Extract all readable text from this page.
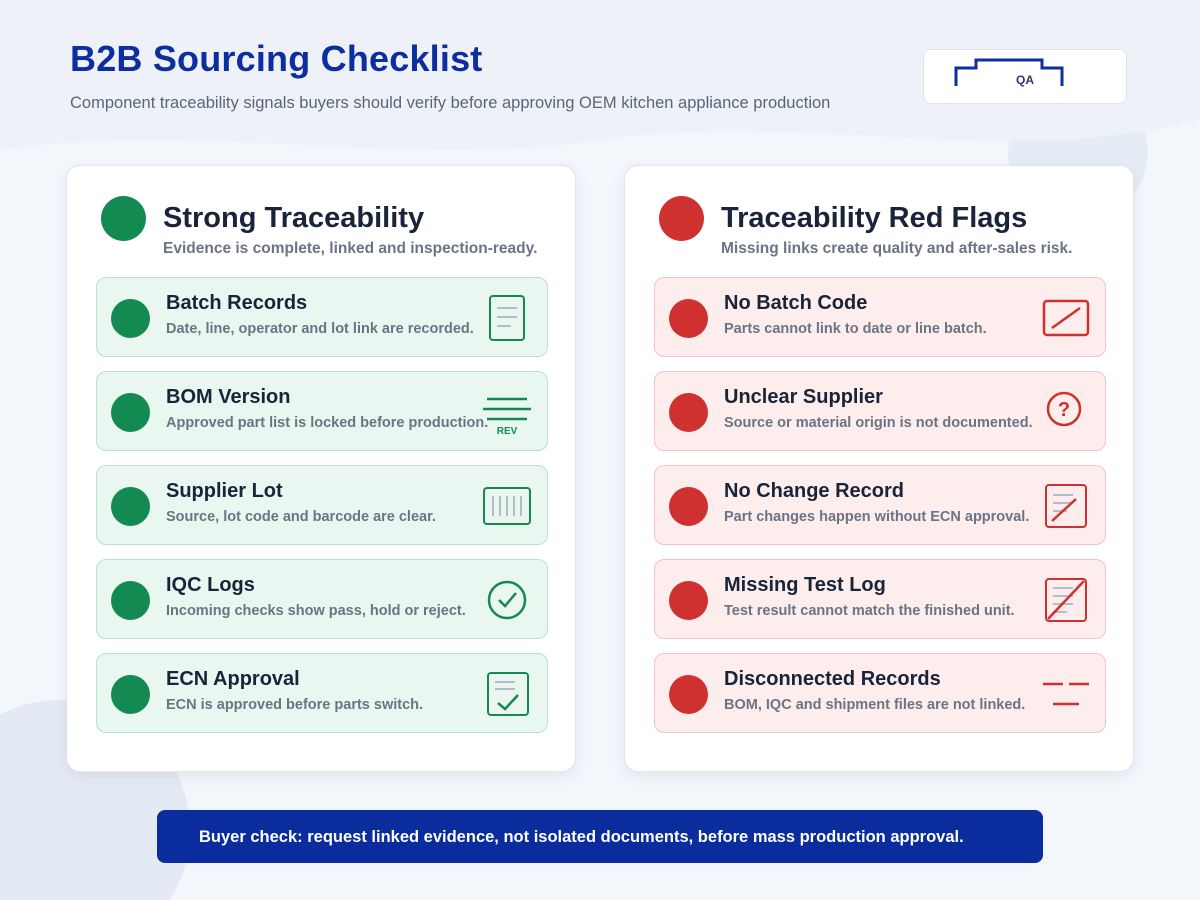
B2B Sourcing Checklist

Component traceability signals buyers should verify before approving OEM kitchen appliance production

QA
Strong Traceability
Evidence is complete, linked and inspection-ready.
Batch Records
Date, line, operator and lot link are recorded.
BOM Version
Approved part list is locked before production.
REV
Supplier Lot
Source, lot code and barcode are clear.
IQC Logs
Incoming checks show pass, hold or reject.
ECN Approval
ECN is approved before parts switch.
Traceability Red Flags
Missing links create quality and after-sales risk.
No Batch Code
Parts cannot link to date or line batch.
Unclear Supplier
Source or material origin is not documented.
?
No Change Record
Part changes happen without ECN approval.
Missing Test Log
Test result cannot match the finished unit.
Disconnected Records
BOM, IQC and shipment files are not linked.
Buyer check: request linked evidence, not isolated documents, before mass production approval.
